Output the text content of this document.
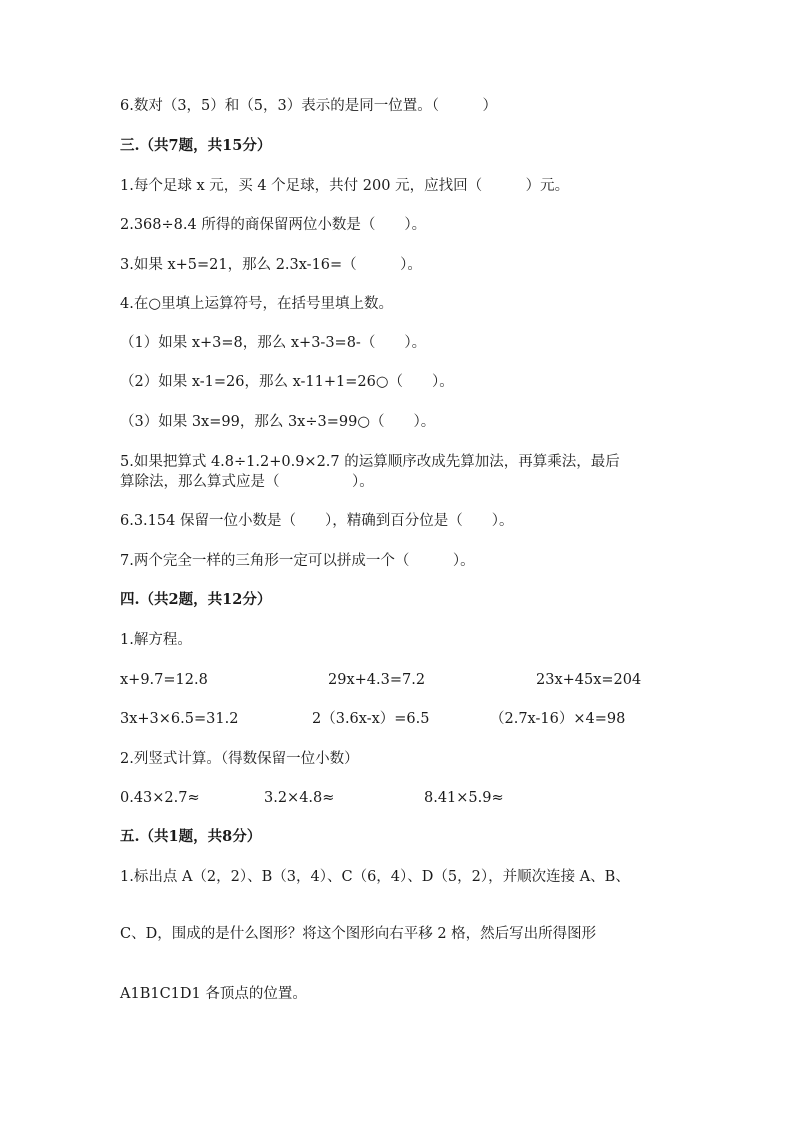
6.数对（3，5）和（5，3）表示的是同一位置。（　　　）
三.（共7题，共15分）
1.每个足球 x 元，买 4 个足球，共付 200 元，应找回（　　　）元。
2.368÷8.4 所得的商保留两位小数是（　　）。
3.如果 x+5=21，那么 2.3x-16=（　　　）。
4.在○里填上运算符号，在括号里填上数。
（1）如果 x+3=8，那么 x+3-3=8-（　　）。
（2）如果 x-1=26，那么 x-11+1=26○（　　）。
（3）如果 3x=99，那么 3x÷3=99○（　　）。
5.如果把算式 4.8÷1.2+0.9×2.7 的运算顺序改成先算加法，再算乘法，最后
算除法，那么算式应是（　　　　　）。
6.3.154 保留一位小数是（　　），精确到百分位是（　　）。
7.两个完全一样的三角形一定可以拼成一个（　　　）。
四.（共2题，共12分）
1.解方程。
x+9.7=12.8	29x+4.3=7.2	23x+45x=204
3x+3×6.5=31.2	2（3.6x-x）=6.5	（2.7x-16）×4=98
2.列竖式计算。（得数保留一位小数）
0.43×2.7≈	3.2×4.8≈	8.41×5.9≈
五.（共1题，共8分）
1.标出点 A（2，2）、B（3，4）、C（6，4）、D（5，2），并顺次连接 A、B、
C、D，围成的是什么图形？将这个图形向右平移 2 格，然后写出所得图形
A1B1C1D1 各顶点的位置。
